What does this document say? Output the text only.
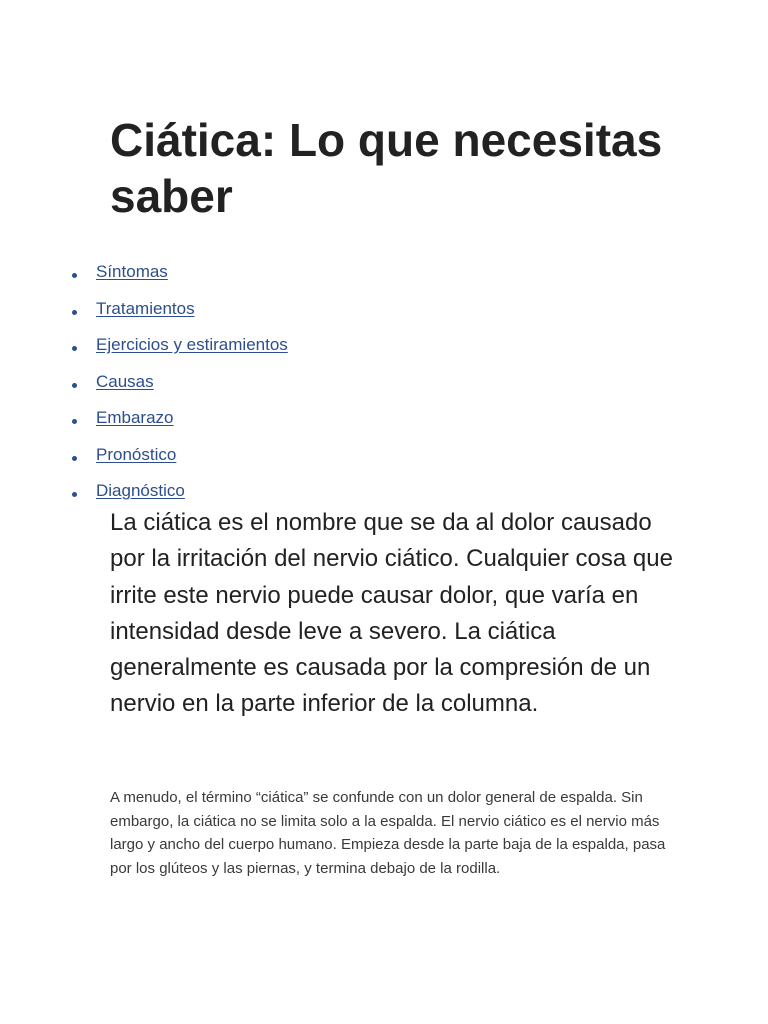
Ciática: Lo que necesitas saber
Síntomas
Tratamientos
Ejercicios y estiramientos
Causas
Embarazo
Pronóstico
Diagnóstico

La ciática es el nombre que se da al dolor causado por la irritación del nervio ciático. Cualquier cosa que irrite este nervio puede causar dolor, que varía en intensidad desde leve a severo. La ciática generalmente es causada por la compresión de un nervio en la parte inferior de la columna.

A menudo, el término “ciática” se confunde con un dolor general de espalda. Sin embargo, la ciática no se limita solo a la espalda. El nervio ciático es el nervio más largo y ancho del cuerpo humano. Empieza desde la parte baja de la espalda, pasa por los glúteos y las piernas, y termina debajo de la rodilla.
